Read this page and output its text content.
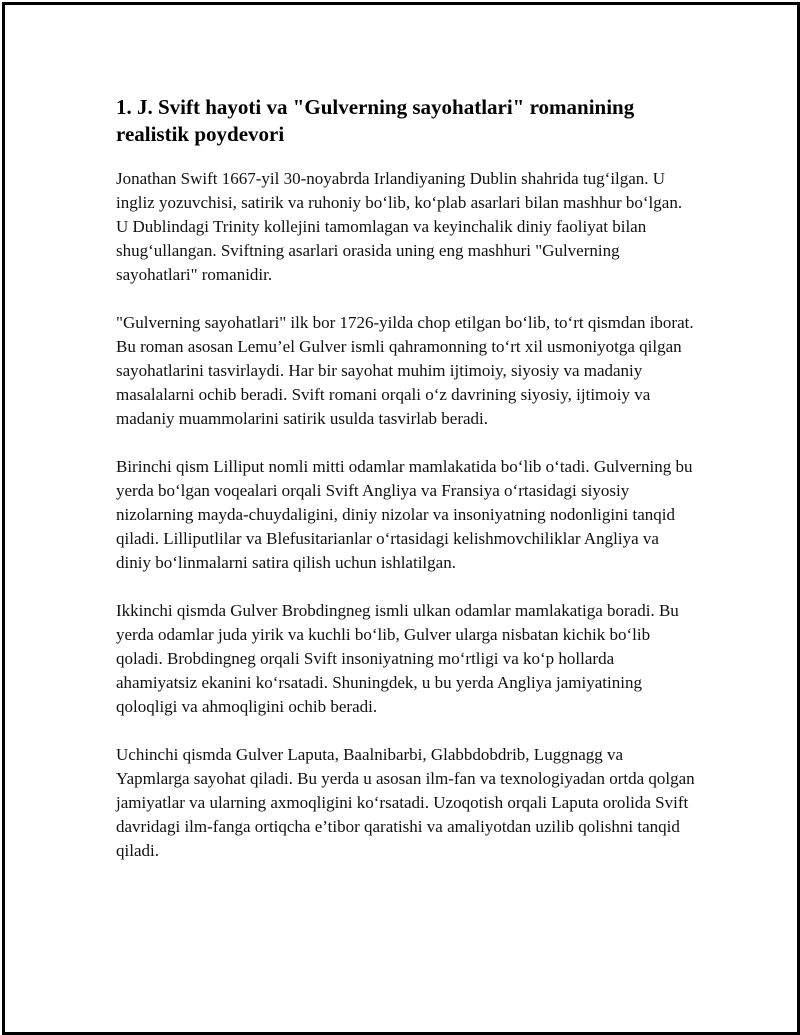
1. J. Svift hayoti va "Gulverning sayohatlari" romanining realistik poydevori

Jonathan Swift 1667-yil 30-noyabrda Irlandiyaning Dublin shahrida tug‘ilgan. U ingliz yozuvchisi, satirik va ruhoniy bo‘lib, ko‘plab asarlari bilan mashhur bo‘lgan. U Dublindagi Trinity kollejini tamomlagan va keyinchalik diniy faoliyat bilan shug‘ullangan. Sviftning asarlari orasida uning eng mashhuri "Gulverning sayohatlari" romanidir.

"Gulverning sayohatlari" ilk bor 1726-yilda chop etilgan bo‘lib, to‘rt qismdan iborat. Bu roman asosan Lemu’el Gulver ismli qahramonning to‘rt xil usmoniyotga qilgan sayohatlarini tasvirlaydi. Har bir sayohat muhim ijtimoiy, siyosiy va madaniy masalalarni ochib beradi. Svift romani orqali o‘z davrining siyosiy, ijtimoiy va madaniy muammolarini satirik usulda tasvirlab beradi.

Birinchi qism Lilliput nomli mitti odamlar mamlakatida bo‘lib o‘tadi. Gulverning bu yerda bo‘lgan voqealari orqali Svift Angliya va Fransiya o‘rtasidagi siyosiy nizolarning mayda-chuydaligini, diniy nizolar va insoniyatning nodonligini tanqid qiladi. Lilliputlilar va Blefusitarianlar o‘rtasidagi kelishmovchiliklar Angliya va diniy bo‘linmalarni satira qilish uchun ishlatilgan.

Ikkinchi qismda Gulver Brobdingneg ismli ulkan odamlar mamlakatiga boradi. Bu yerda odamlar juda yirik va kuchli bo‘lib, Gulver ularga nisbatan kichik bo‘lib qoladi. Brobdingneg orqali Svift insoniyatning mo‘rtligi va ko‘p hollarda ahamiyatsiz ekanini ko‘rsatadi. Shuningdek, u bu yerda Angliya jamiyatining qoloqligi va ahmoqligini ochib beradi.

Uchinchi qismda Gulver Laputa, Baalnibarbi, Glabbdobdrib, Luggnagg va Yapmlarga sayohat qiladi. Bu yerda u asosan ilm-fan va texnologiyadan ortda qolgan jamiyatlar va ularning axmoqligini ko‘rsatadi. Uzoqotish orqali Laputa orolida Svift davridagi ilm-fanga ortiqcha e’tibor qaratishi va amaliyotdan uzilib qolishni tanqid qiladi.
